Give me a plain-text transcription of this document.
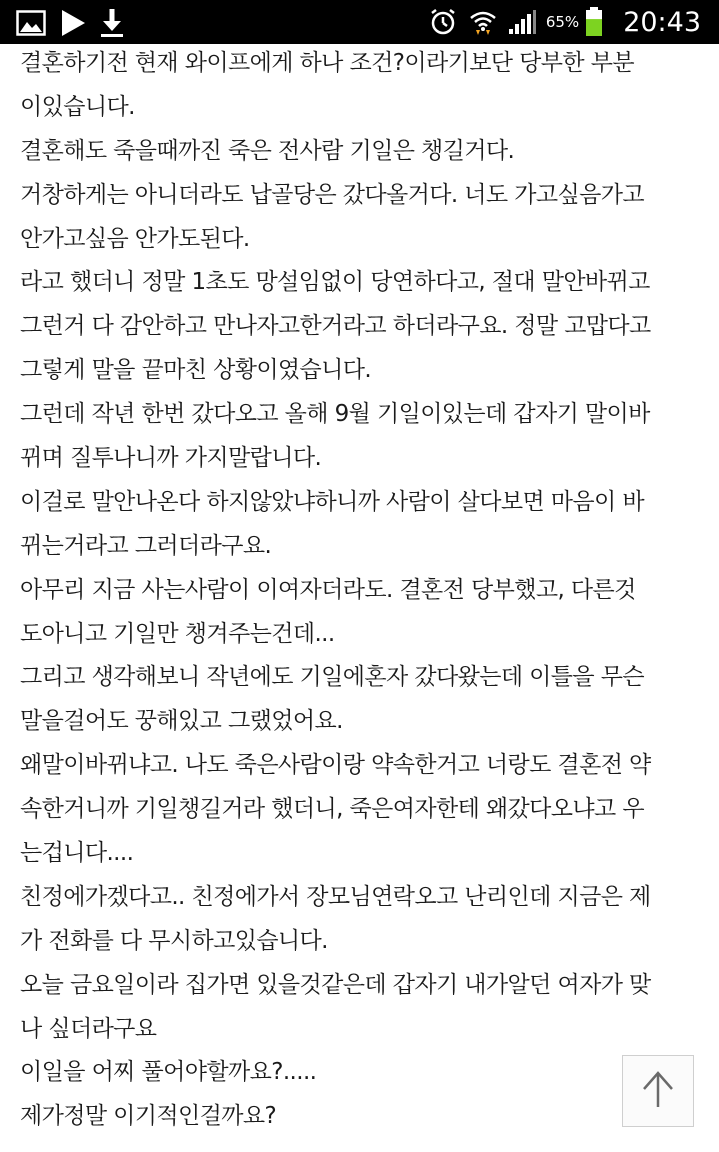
65% 20:43
결혼하기전 현재 와이프에게 하나 조건?이라기보단 당부한 부분
이있습니다.
결혼해도 죽을때까진 죽은 전사람 기일은 챙길거다.
거창하게는 아니더라도 납골당은 갔다올거다. 너도 가고싶음가고
안가고싶음 안가도된다.
라고 했더니 정말 1초도 망설임없이 당연하다고, 절대 말안바뀌고
그런거 다 감안하고 만나자고한거라고 하더라구요. 정말 고맙다고
그렇게 말을 끝마친 상황이였습니다.
그런데 작년 한번 갔다오고 올해 9월 기일이있는데 갑자기 말이바
뀌며 질투나니까 가지말랍니다.
이걸로 말안나온다 하지않았냐하니까 사람이 살다보면 마음이 바
뀌는거라고 그러더라구요.
아무리 지금 사는사람이 이여자더라도. 결혼전 당부했고, 다른것
도아니고 기일만 챙겨주는건데...
그리고 생각해보니 작년에도 기일에혼자 갔다왔는데 이틀을 무슨
말을걸어도 꿍해있고 그랬었어요.
왜말이바뀌냐고. 나도 죽은사람이랑 약속한거고 너랑도 결혼전 약
속한거니까 기일챙길거라 했더니, 죽은여자한테 왜갔다오냐고 우
는겁니다....
친정에가겠다고.. 친정에가서 장모님연락오고 난리인데 지금은 제
가 전화를 다 무시하고있습니다.
오늘 금요일이라 집가면 있을것같은데 갑자기 내가알던 여자가 맞
나 싶더라구요
이일을 어찌 풀어야할까요?.....
제가정말 이기적인걸까요?
